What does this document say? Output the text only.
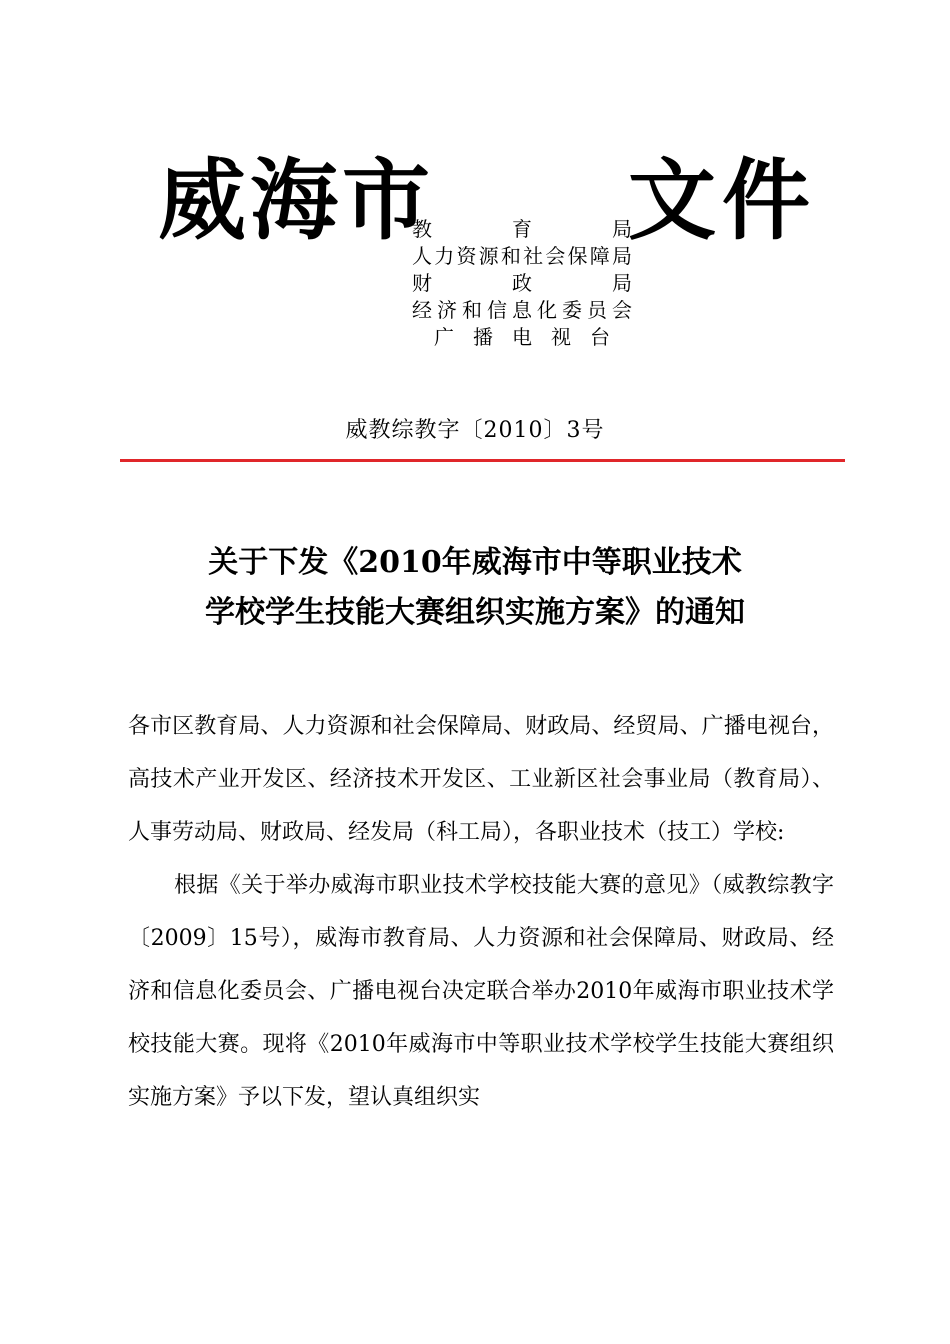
威海市
教　　育　　局
人力资源和社会保障局
财　　政　　局
经济和信息化委员会
广播电视台
文件
威教综教字〔2010〕3号
关于下发《2010年威海市中等职业技术
学校学生技能大赛组织实施方案》的通知

各市区教育局、人力资源和社会保障局、财政局、经贸局、广播电视台，高技术产业开发区、经济技术开发区、工业新区社会事业局（教育局）、人事劳动局、财政局、经发局（科工局），各职业技术（技工）学校:

根据《关于举办威海市职业技术学校技能大赛的意见》（威教综教字〔2009〕15号），威海市教育局、人力资源和社会保障局、财政局、经济和信息化委员会、广播电视台决定联合举办2010年威海市职业技术学校技能大赛。现将《2010年威海市中等职业技术学校学生技能大赛组织实施方案》予以下发，望认真组织实
